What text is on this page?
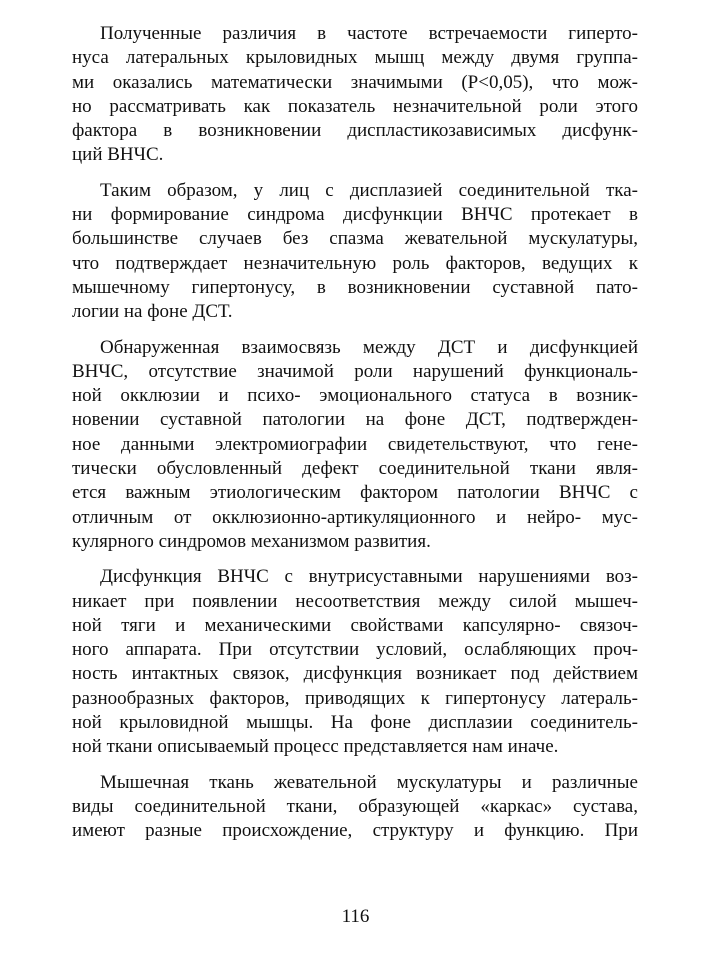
Полученные различия в частоте встречаемости гиперто-
нуса латеральных крыловидных мышц между двумя группа-
ми оказались математически значимыми (Р<0,05), что мож-
но рассматривать как показатель незначительной роли этого
фактора в возникновении диспластикозависимых дисфунк-
ций ВНЧС.

Таким образом, у лиц с дисплазией соединительной тка-
ни формирование синдрома дисфункции ВНЧС протекает в
большинстве случаев без спазма жевательной мускулатуры,
что подтверждает незначительную роль факторов, ведущих к
мышечному гипертонусу, в возникновении суставной пато-
логии на фоне ДСТ.

Обнаруженная взаимосвязь между ДСТ и дисфункцией
ВНЧС, отсутствие значимой роли нарушений функциональ-
ной окклюзии и психо- эмоционального статуса в возник-
новении суставной патологии на фоне ДСТ, подтвержден-
ное данными электромиографии свидетельствуют, что гене-
тически обусловленный дефект соединительной ткани явля-
ется важным этиологическим фактором патологии ВНЧС с
отличным от окклюзионно-артикуляционного и нейро- мус-
кулярного синдромов механизмом развития.

Дисфункция ВНЧС с внутрисуставными нарушениями воз-
никает при появлении несоответствия между силой мышеч-
ной тяги и механическими свойствами капсулярно- связоч-
ного аппарата. При отсутствии условий, ослабляющих проч-
ность интактных связок, дисфункция возникает под действием
разнообразных факторов, приводящих к гипертонусу латераль-
ной крыловидной мышцы. На фоне дисплазии соединитель-
ной ткани описываемый процесс представляется нам иначе.

Мышечная ткань жевательной мускулатуры и различные
виды соединительной ткани, образующей «каркас» сустава,
имеют разные происхождение, структуру и функцию. При

116
